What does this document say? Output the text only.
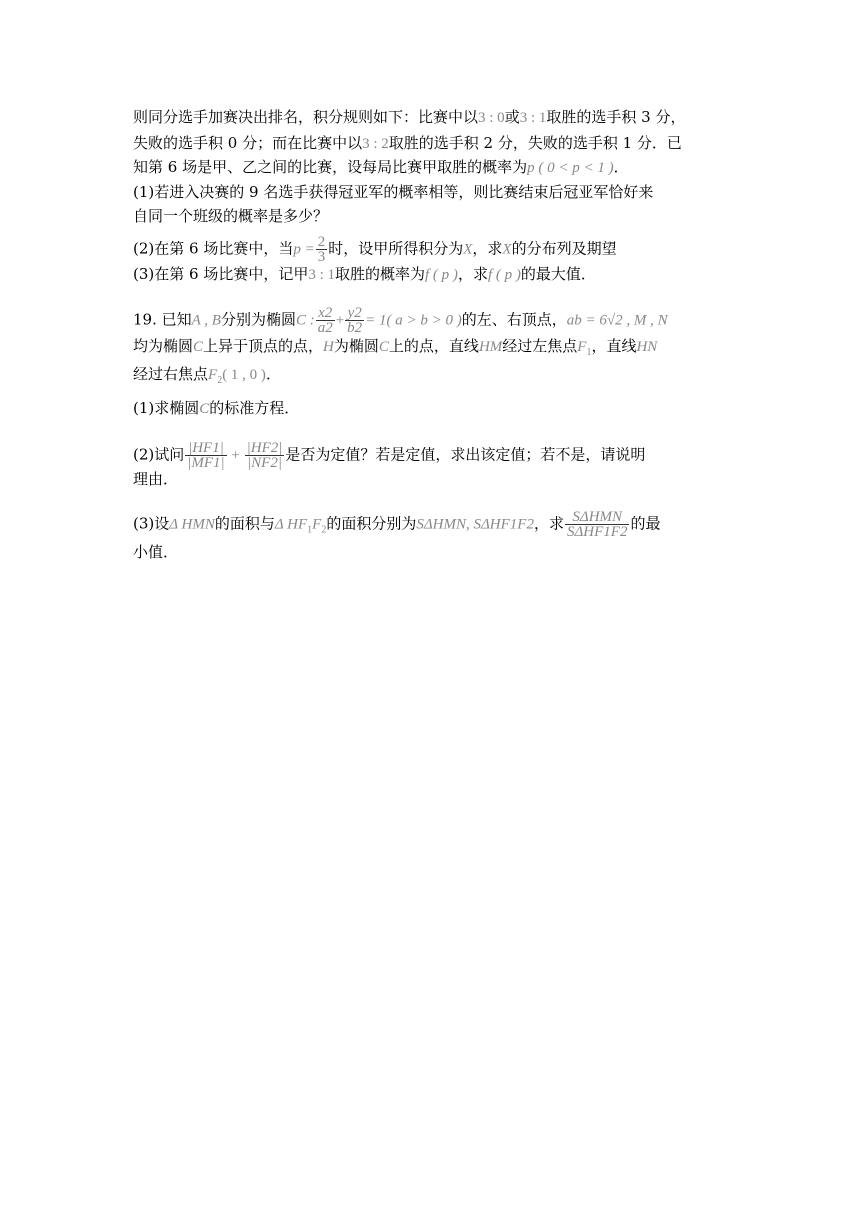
则同分选手加赛决出排名，积分规则如下：比赛中以3 : 0或3 : 1取胜的选手积 3 分，
失败的选手积 0 分；而在比赛中以3 : 2取胜的选手积 2 分，失败的选手积 1 分．已
知第 6 场是甲、乙之间的比赛，设每局比赛甲取胜的概率为p ( 0 < p < 1 )．
(1)若进入决赛的 9 名选手获得冠亚军的概率相等，则比赛结束后冠亚军恰好来
自同一个班级的概率是多少？
(2)在第 6 场比赛中，当$p = \frac{2}{3}$ 时，设甲所得积分为X，求X的分布列及期望
(3)在第 6 场比赛中，记甲3 : 1取胜的概率为f ( p )，求f ( p )的最大值．
19. 已知A , B分别为椭圆C : $\frac{x2}{a2} + \frac{y2}{b2} = 1$( a > b > 0 )的左、右顶点，ab = 6√2 , M , N
均为椭圆C上异于顶点的点，H为椭圆C上的点，直线HM经过左焦点$F_1$，直线HN
经过右焦点$F_2$( 1 , 0 )．
(1)求椭圆C的标准方程．
(2)试问 $\frac{|HF1|}{|MF1|} + \frac{|HF2|}{|NF2|}$ 是否为定值？若是定值，求出该定值；若不是，请说明
理由．
(3)设Δ HMN的面积与Δ $HF_1F_2$的面积分别为SΔHMN, SΔHF1F2，求 $\frac{\text{SΔHMN}}{\text{SΔHF1F2}}$ 的最
小值．
